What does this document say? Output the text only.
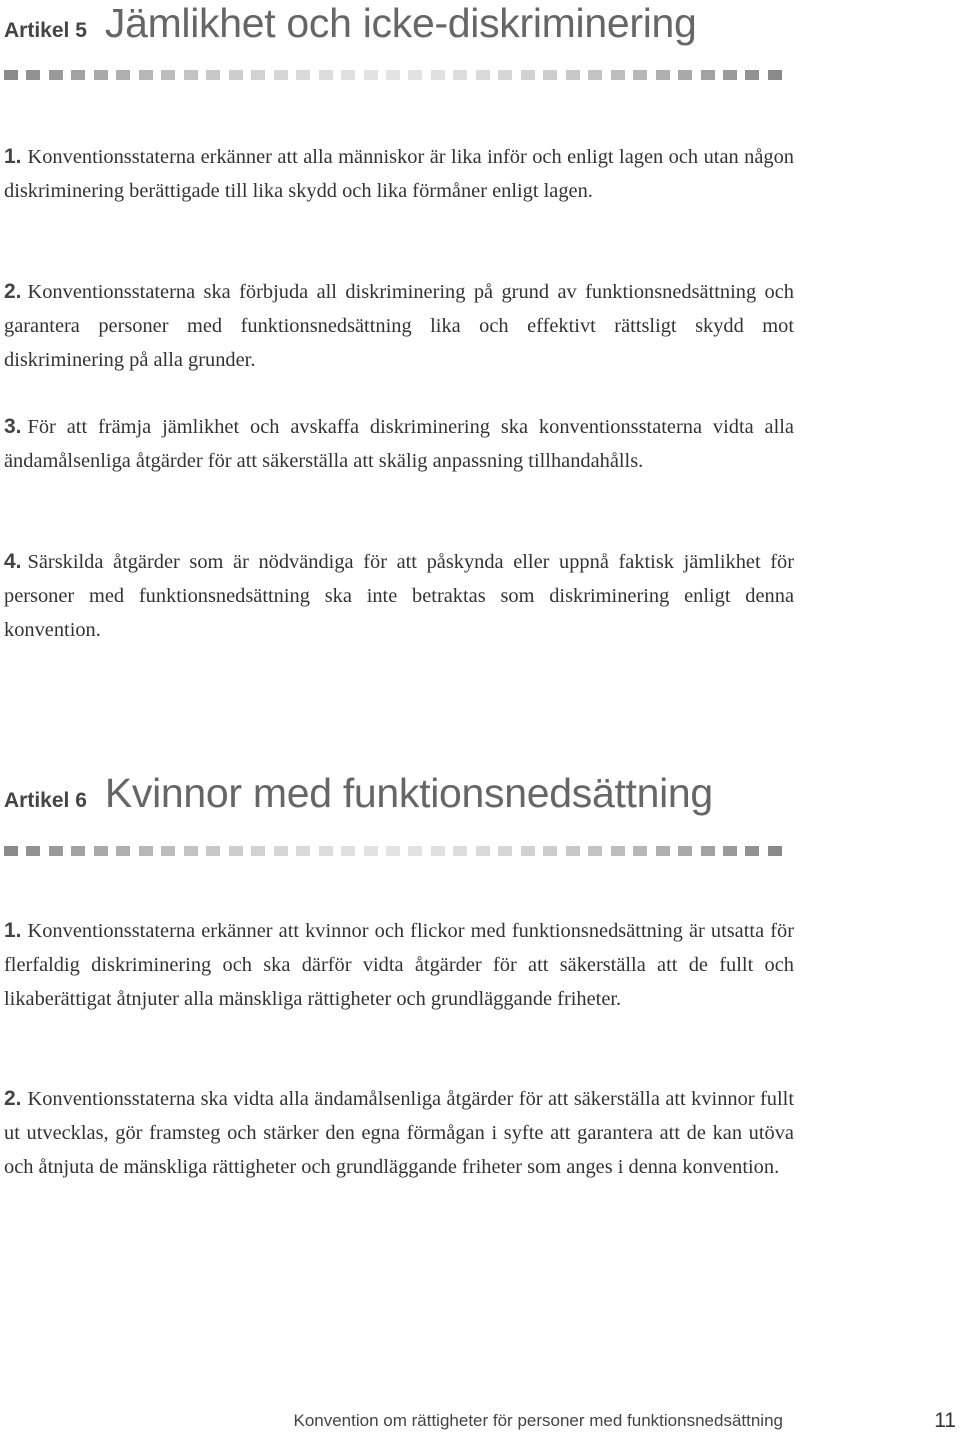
Artikel 5 Jämlikhet och icke-diskriminering

1. Konventionsstaterna erkänner att alla människor är lika inför och enligt lagen och utan någon diskriminering berättigade till lika skydd och lika förmåner enligt lagen.

2. Konventionsstaterna ska förbjuda all diskriminering på grund av funktionsnedsättning och garantera personer med funktionsnedsättning lika och effektivt rättsligt skydd mot diskriminering på alla grunder.

3. För att främja jämlikhet och avskaffa diskriminering ska konventionsstaterna vidta alla ändamålsenliga åtgärder för att säkerställa att skälig anpassning tillhandahålls.

4. Särskilda åtgärder som är nödvändiga för att påskynda eller uppnå faktisk jämlikhet för personer med funktionsnedsättning ska inte betraktas som diskriminering enligt denna konvention.

Artikel 6 Kvinnor med funktionsnedsättning

1. Konventionsstaterna erkänner att kvinnor och flickor med funktionsnedsättning är utsatta för flerfaldig diskriminering och ska därför vidta åtgärder för att säkerställa att de fullt och likaberättigat åtnjuter alla mänskliga rättigheter och grundläggande friheter.

2. Konventionsstaterna ska vidta alla ändamålsenliga åtgärder för att säkerställa att kvinnor fullt ut utvecklas, gör framsteg och stärker den egna förmågan i syfte att garantera att de kan utöva och åtnjuta de mänskliga rättigheter och grundläggande friheter som anges i denna konvention.

Konvention om rättigheter för personer med funktionsnedsättning	11
